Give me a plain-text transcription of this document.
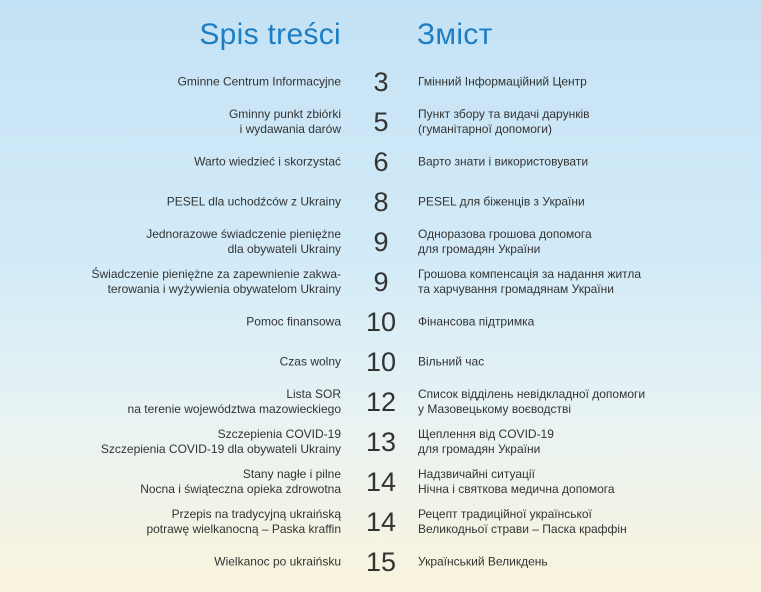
Spis treści	Зміст
Gminne Centrum Informacyjne	3	Гмінний Інформаційний Центр
Gminny punkt zbiórki
i wydawania darów	5	Пункт збору та видачі дарунків
(гуманітарної допомоги)
Warto wiedzieć i skorzystać	6	Варто знати і використовувати
PESEL dla uchodźców z Ukrainy	8	PESEL для біженців з України
Jednorazowe świadczenie pieniężne
dla obywateli Ukrainy	9	Одноразова грошова допомога
для громадян України
Świadczenie pieniężne za zapewnienie zakwa-
terowania i wyżywienia obywatelom Ukrainy	9	Грошова компенсація за надання житла
та харчування громадянам України
Pomoc finansowa 10	Фінансова підтримка
Czas wolny 10	Вільний час
Lista SOR
na terenie województwa mazowieckiego 12	Список відділень невідкладної допомоги
у Мазовецькому воєводстві
Szczepienia COVID-19
Szczepienia COVID-19 dla obywateli Ukrainy 13	Щеплення від COVID-19
для громадян України
Stany nagłe i pilne
Nocna i świąteczna opieka zdrowotna 14	Надзвичайні ситуації
Нічна і святкова медична допомога
Przepis na tradycyjną ukraińską
potrawę wielkanocną – Paska kraffin 14	Рецепт традиційної української
Великодньої страви – Паска краффін
Wielkanoc po ukraińsku 15	Український Великдень
